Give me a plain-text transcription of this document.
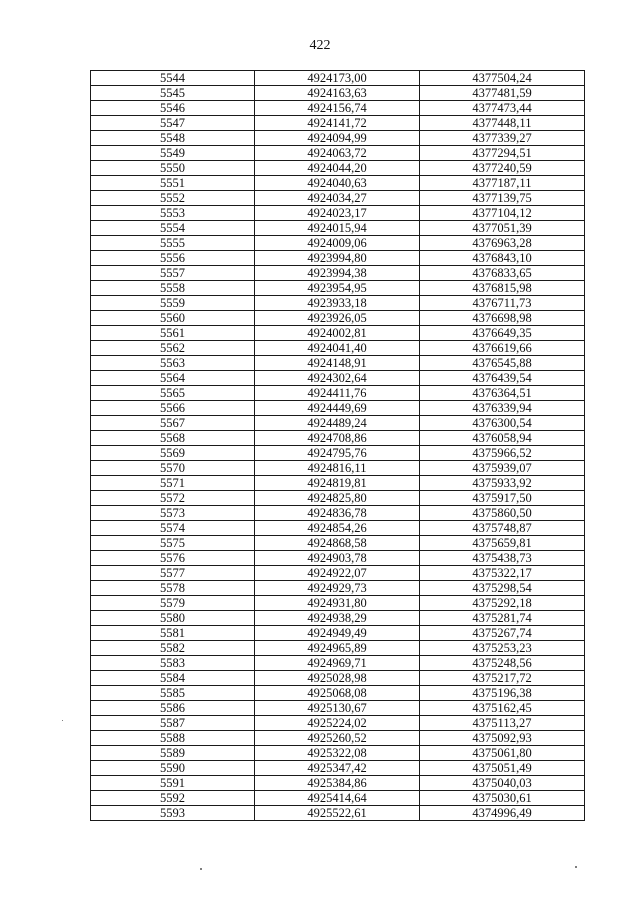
422
5544	4924173,00	4377504,24
5545	4924163,63	4377481,59
5546	4924156,74	4377473,44
5547	4924141,72	4377448,11
5548	4924094,99	4377339,27
5549	4924063,72	4377294,51
5550	4924044,20	4377240,59
5551	4924040,63	4377187,11
5552	4924034,27	4377139,75
5553	4924023,17	4377104,12
5554	4924015,94	4377051,39
5555	4924009,06	4376963,28
5556	4923994,80	4376843,10
5557	4923994,38	4376833,65
5558	4923954,95	4376815,98
5559	4923933,18	4376711,73
5560	4923926,05	4376698,98
5561	4924002,81	4376649,35
5562	4924041,40	4376619,66
5563	4924148,91	4376545,88
5564	4924302,64	4376439,54
5565	4924411,76	4376364,51
5566	4924449,69	4376339,94
5567	4924489,24	4376300,54
5568	4924708,86	4376058,94
5569	4924795,76	4375966,52
5570	4924816,11	4375939,07
5571	4924819,81	4375933,92
5572	4924825,80	4375917,50
5573	4924836,78	4375860,50
5574	4924854,26	4375748,87
5575	4924868,58	4375659,81
5576	4924903,78	4375438,73
5577	4924922,07	4375322,17
5578	4924929,73	4375298,54
5579	4924931,80	4375292,18
5580	4924938,29	4375281,74
5581	4924949,49	4375267,74
5582	4924965,89	4375253,23
5583	4924969,71	4375248,56
5584	4925028,98	4375217,72
5585	4925068,08	4375196,38
5586	4925130,67	4375162,45
5587	4925224,02	4375113,27
5588	4925260,52	4375092,93
5589	4925322,08	4375061,80
5590	4925347,42	4375051,49
5591	4925384,86	4375040,03
5592	4925414,64	4375030,61
5593	4925522,61	4374996,49
